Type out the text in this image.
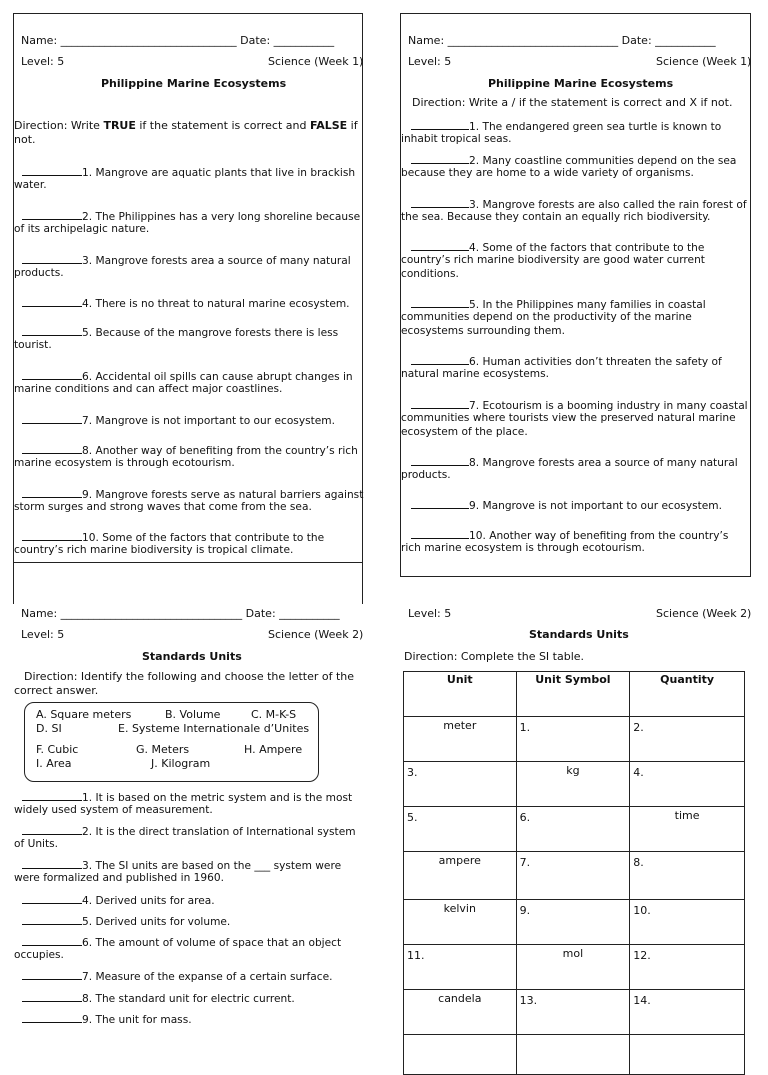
Name: ________________________________ Date: ___________
Level: 5	Science (Week 1)
Philippine Marine Ecosystems
Direction: Write TRUE if the statement is correct and FALSE if
not.
1. Mangrove are aquatic plants that live in brackish
water.
2. The Philippines has a very long shoreline because
of its archipelagic nature.
3. Mangrove forests area a source of many natural
products.
4. There is no threat to natural marine ecosystem.
5. Because of the mangrove forests there is less
tourist.
6. Accidental oil spills can cause abrupt changes in
marine conditions and can affect major coastlines.
7. Mangrove is not important to our ecosystem.
8. Another way of benefiting from the country’s rich
marine ecosystem is through ecotourism.
9. Mangrove forests serve as natural barriers against
storm surges and strong waves that come from the sea.
10. Some of the factors that contribute to the
country’s rich marine biodiversity is tropical climate.
Name: _______________________________ Date: ___________
Level: 5	Science (Week 1)
Philippine Marine Ecosystems
Direction: Write a / if the statement is correct and X if not.
1. The endangered green sea turtle is known to
inhabit tropical seas.
2. Many coastline communities depend on the sea
because they are home to a wide variety of organisms.
3. Mangrove forests are also called the rain forest of
the sea. Because they contain an equally rich biodiversity.
4. Some of the factors that contribute to the
country’s rich marine biodiversity are good water current
conditions.
5. In the Philippines many families in coastal
communities depend on the productivity of the marine
ecosystems surrounding them.
6. Human activities don’t threaten the safety of
natural marine ecosystems.
7. Ecotourism is a booming industry in many coastal
communities where tourists view the preserved natural marine
ecosystem of the place.
8. Mangrove forests area a source of many natural
products.
9. Mangrove is not important to our ecosystem.
10. Another way of benefiting from the country’s
rich marine ecosystem is through ecotourism.
Name: _________________________________ Date: ___________
Level: 5	Science (Week 2)
Standards Units
Direction: Identify the following and choose the letter of the
correct answer.
A. Square meters	B. Volume	C. M-K-S
D. SI	E. Systeme Internationale d’Unites
F. Cubic	G. Meters	H. Ampere
I. Area	J. Kilogram
1. It is based on the metric system and is the most
widely used system of measurement.
2. It is the direct translation of International system
of Units.
3. The SI units are based on the ___ system were
were formalized and published in 1960.
4. Derived units for area.
5. Derived units for volume.
6. The amount of volume of space that an object
occupies.
7. Measure of the expanse of a certain surface.
8. The standard unit for electric current.
9. The unit for mass.
Level: 5	Science (Week 2)
Standards Units
Direction: Complete the SI table.
Unit	Unit Symbol	Quantity
meter	1.	2.
3.	kg	4.
5.	6.	time
ampere	7.	8.
kelvin	9.	10.
11.	mol	12.
candela	13.	14.
